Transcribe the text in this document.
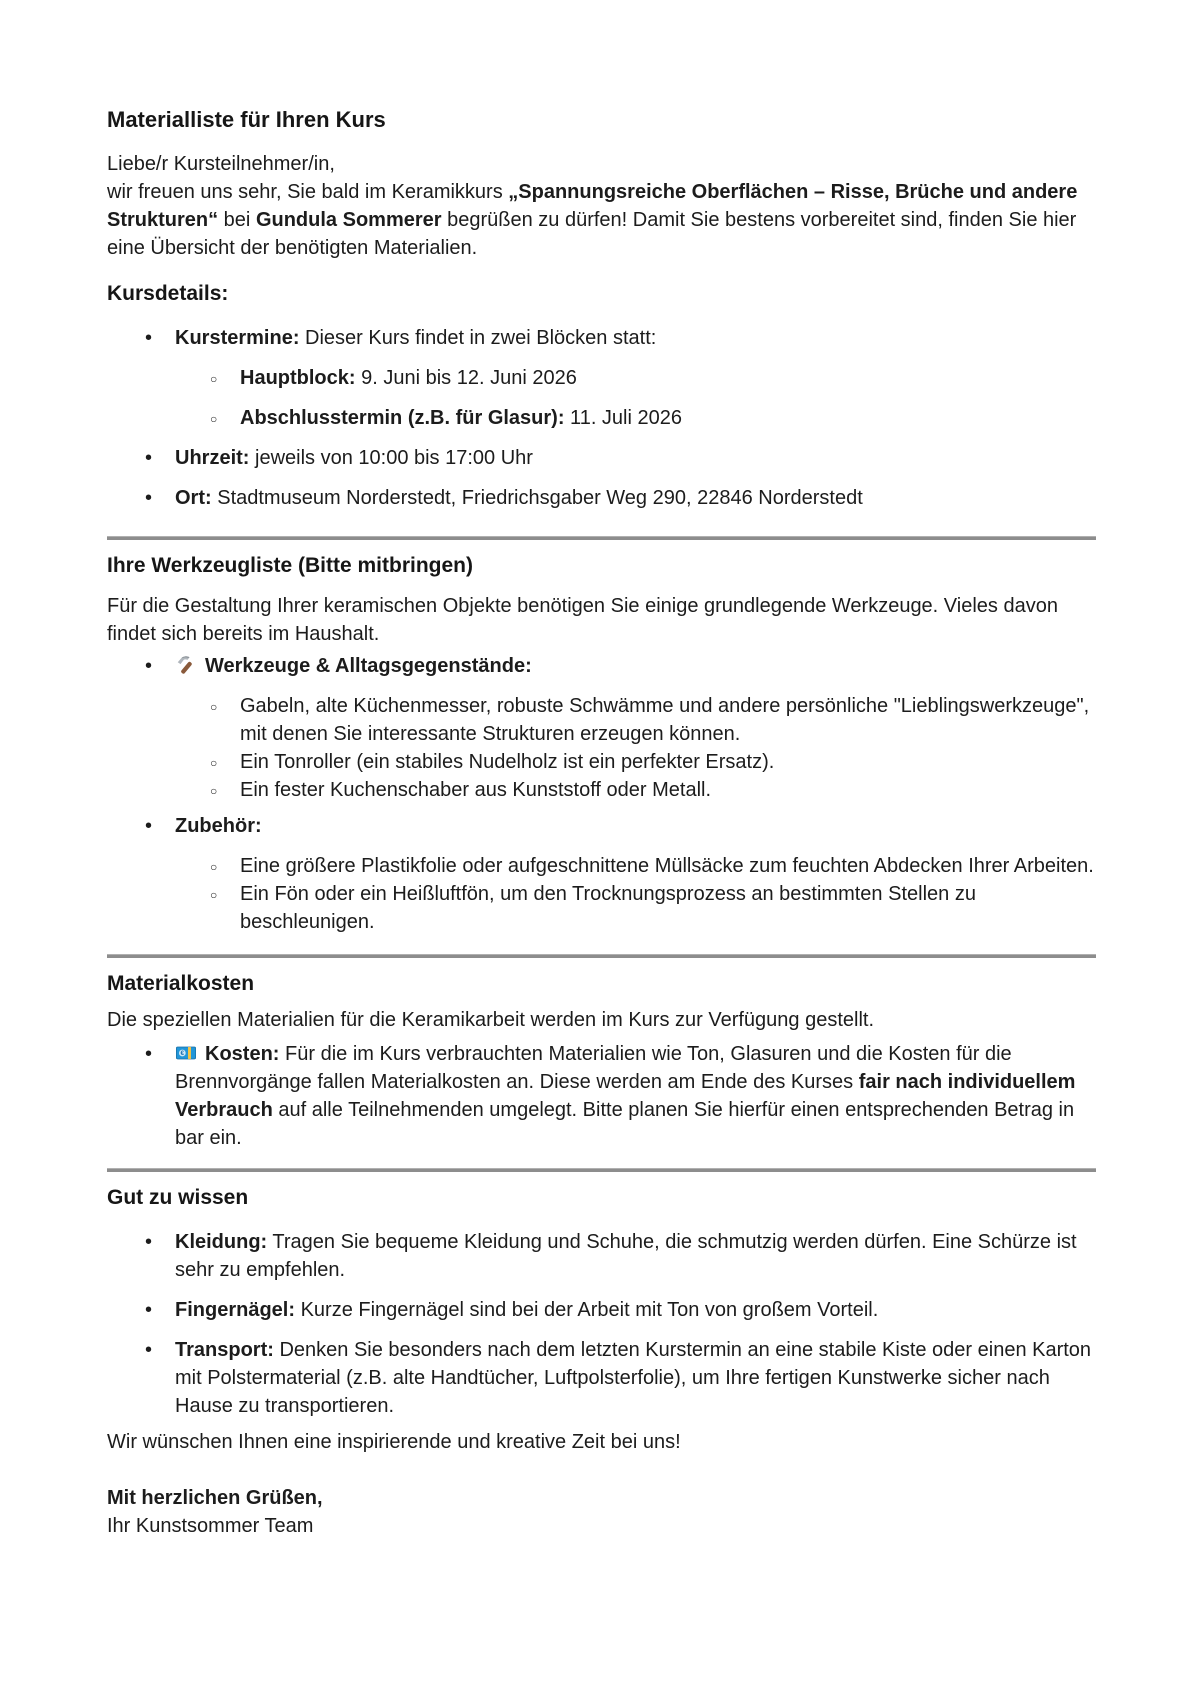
Materialliste für Ihren Kurs

Liebe/r Kursteilnehmer/in,
wir freuen uns sehr, Sie bald im Keramikkurs „Spannungsreiche Oberflächen – Risse, Brüche und andere Strukturen“ bei Gundula Sommerer begrüßen zu dürfen! Damit Sie bestens vorbereitet sind, finden Sie hier eine Übersicht der benötigten Materialien.

Kursdetails:
• Kurstermine: Dieser Kurs findet in zwei Blöcken statt:
○ Hauptblock: 9. Juni bis 12. Juni 2026
○ Abschlusstermin (z.B. für Glasur): 11. Juli 2026
• Uhrzeit: jeweils von 10:00 bis 17:00 Uhr
• Ort: Stadtmuseum Norderstedt, Friedrichsgaber Weg 290, 22846 Norderstedt
Ihre Werkzeugliste (Bitte mitbringen)

Für die Gestaltung Ihrer keramischen Objekte benötigen Sie einige grundlegende Werkzeuge. Vieles davon findet sich bereits im Haushalt.

• Werkzeuge & Alltagsgegenstände:
○ Gabeln, alte Küchenmesser, robuste Schwämme und andere persönliche "Lieblingswerkzeuge", mit denen Sie interessante Strukturen erzeugen können.
○ Ein Tonroller (ein stabiles Nudelholz ist ein perfekter Ersatz).
○ Ein fester Kuchenschaber aus Kunststoff oder Metall.
• Zubehör:
○ Eine größere Plastikfolie oder aufgeschnittene Müllsäcke zum feuchten Abdecken Ihrer Arbeiten.
○ Ein Fön oder ein Heißluftfön, um den Trocknungsprozess an bestimmten Stellen zu beschleunigen.
Materialkosten

Die speziellen Materialien für die Keramikarbeit werden im Kurs zur Verfügung gestellt.

• € Kosten: Für die im Kurs verbrauchten Materialien wie Ton, Glasuren und die Kosten für die Brennvorgänge fallen Materialkosten an. Diese werden am Ende des Kurses fair nach individuellem Verbrauch auf alle Teilnehmenden umgelegt. Bitte planen Sie hierfür einen entsprechenden Betrag in bar ein.
Gut zu wissen
• Kleidung: Tragen Sie bequeme Kleidung und Schuhe, die schmutzig werden dürfen. Eine Schürze ist sehr zu empfehlen.
• Fingernägel: Kurze Fingernägel sind bei der Arbeit mit Ton von großem Vorteil.
• Transport: Denken Sie besonders nach dem letzten Kurstermin an eine stabile Kiste oder einen Karton mit Polstermaterial (z.B. alte Handtücher, Luftpolsterfolie), um Ihre fertigen Kunstwerke sicher nach Hause zu transportieren.

Wir wünschen Ihnen eine inspirierende und kreative Zeit bei uns!

Mit herzlichen Grüßen,
Ihr Kunstsommer Team
